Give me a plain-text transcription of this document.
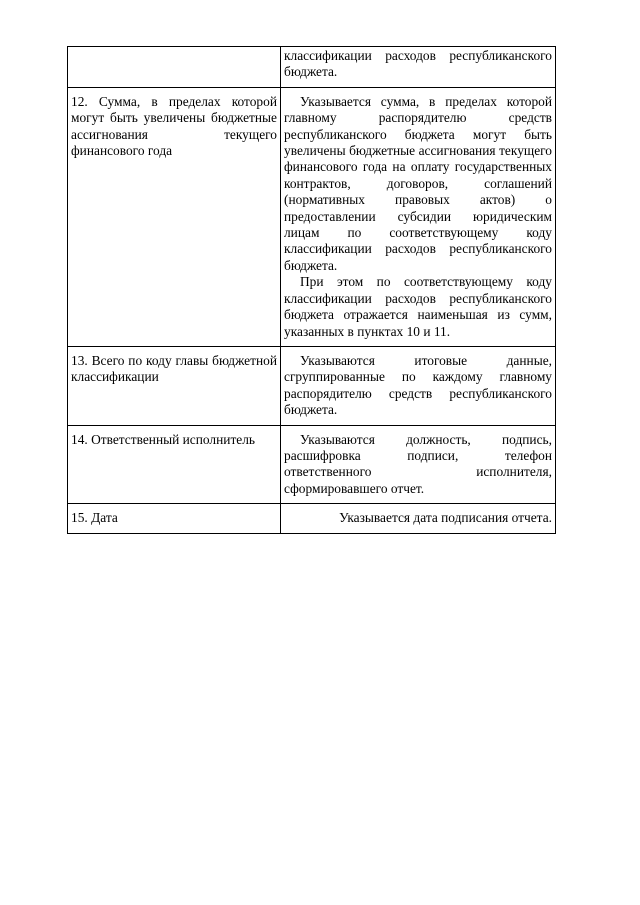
	классификации расходов республиканского бюджета.

12. Сумма, в пределах которой могут быть увеличены бюджетные ассигнования текущего финансового года	Указывается сумма, в пределах которой главному распорядителю средств республиканского бюджета могут быть увеличены бюджетные ассигнования текущего финансового года на оплату государственных контрактов, договоров, соглашений (нормативных правовых актов) о предоставлении субсидии юридическим лицам по соответствующему коду классификации расходов республиканского бюджета.

При этом по соответствующему коду классификации расходов республиканского бюджета отражается наименьшая из сумм, указанных в пунктах 10 и 11.

13. Всего по коду главы бюджетной классификации	Указываются итоговые данные, сгруппированные по каждому главному распорядителю средств республиканского бюджета.

14. Ответственный исполнитель	Указываются должность, подпись, расшифровка подписи, телефон ответственного исполнителя, сформировавшего отчет.

15. Дата	Указывается дата подписания отчета.
